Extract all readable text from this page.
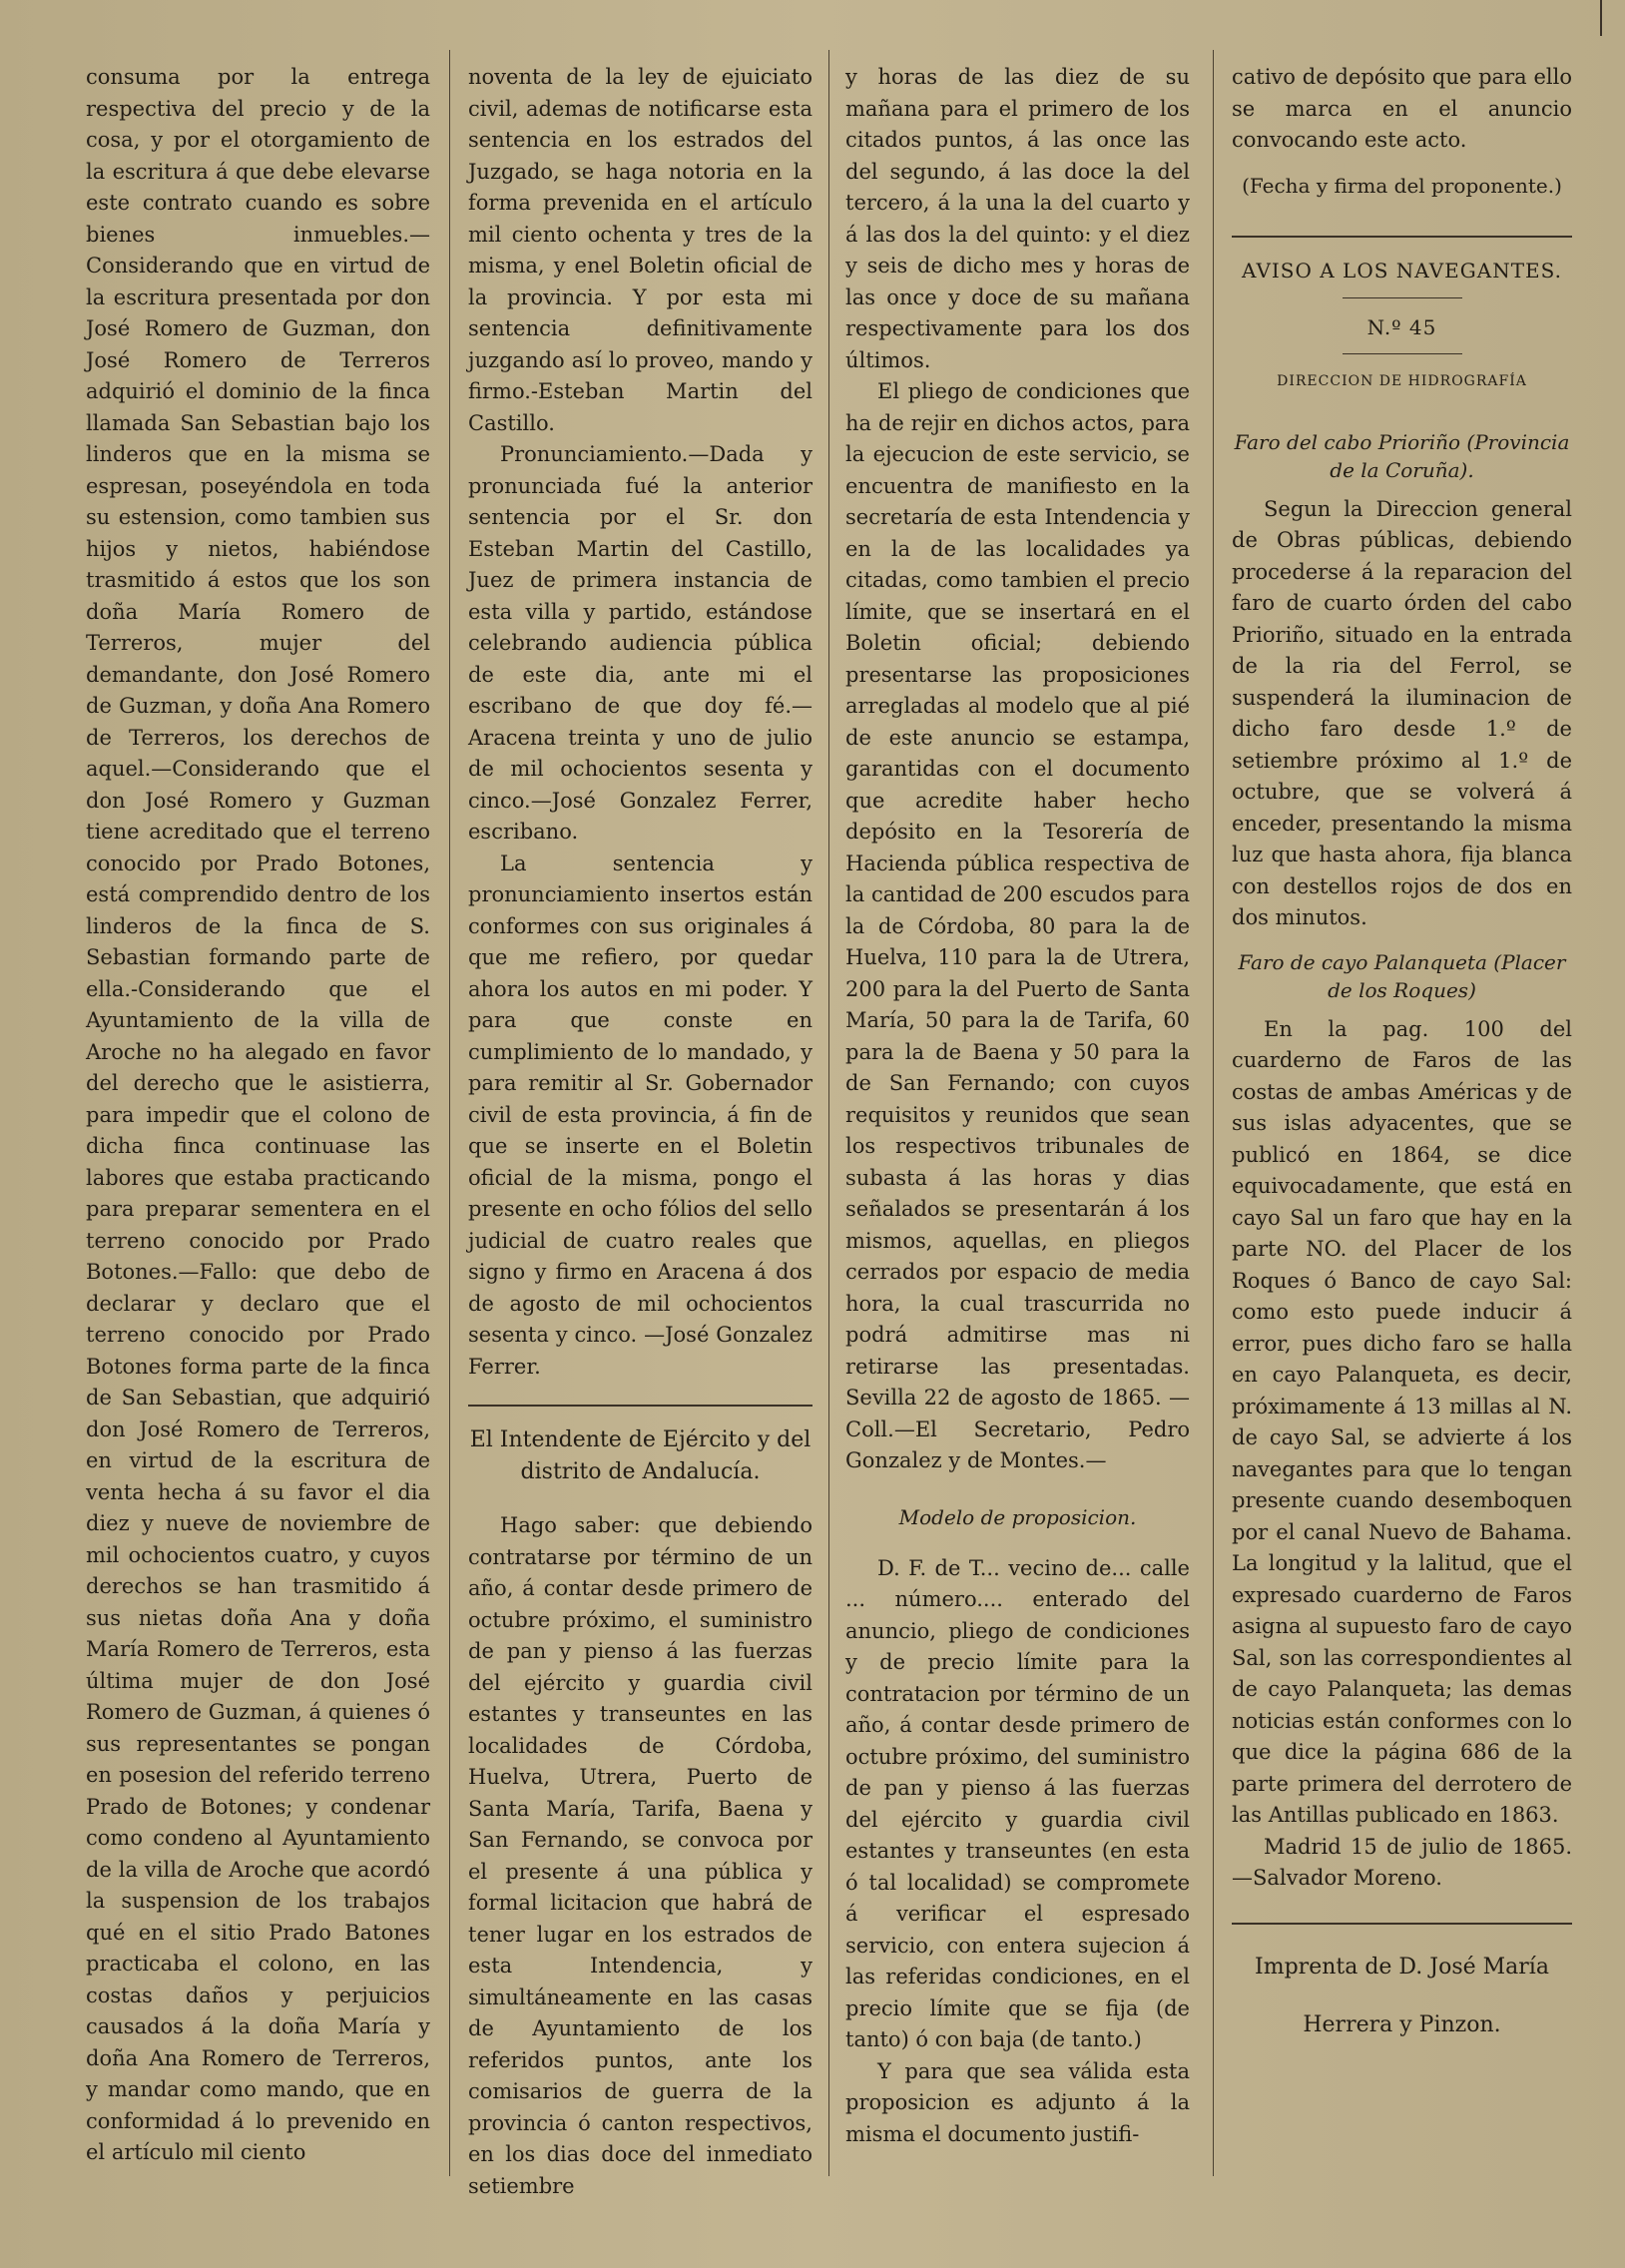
consuma por la entrega respectiva del precio y de la cosa, y por el otorgamiento de la escritura á que debe elevarse este contrato cuando es sobre bienes inmuebles.—Considerando que en virtud de la escritura presentada por don José Romero de Guzman, don José Romero de Terreros adquirió el dominio de la finca llamada San Sebastian bajo los linderos que en la misma se espresan, poseyéndola en toda su estension, como tambien sus hijos y nietos, habiéndose trasmitido á estos que los son doña María Romero de Terreros, mujer del demandante, don José Romero de Guzman, y doña Ana Romero de Terreros, los derechos de aquel.—Considerando que el don José Romero y Guzman tiene acreditado que el terreno conocido por Prado Botones, está comprendido dentro de los linderos de la finca de S. Sebastian formando parte de ella.-Considerando que el Ayuntamiento de la villa de Aroche no ha alegado en favor del derecho que le asistierra, para impedir que el colono de dicha finca continuase las labores que estaba practicando para preparar sementera en el terreno conocido por Prado Botones.—Fallo: que debo de declarar y declaro que el terreno conocido por Prado Botones forma parte de la finca de San Sebastian, que adquirió don José Romero de Terreros, en virtud de la escritura de venta hecha á su favor el dia diez y nueve de noviembre de mil ochocientos cuatro, y cuyos derechos se han trasmitido á sus nietas doña Ana y doña María Romero de Terreros, esta última mujer de don José Romero de Guzman, á quienes ó sus representantes se pongan en posesion del referido terreno Prado de Botones; y condenar como condeno al Ayuntamiento de la villa de Aroche que acordó la suspension de los trabajos qué en el sitio Prado Batones practicaba el colono, en las costas daños y perjuicios causados á la doña María y doña Ana Romero de Terreros, y mandar como mando, que en conformidad á lo prevenido en el artículo mil ciento

noventa de la ley de ejuiciato civil, ademas de notificarse esta sentencia en los estrados del Juzgado, se haga notoria en la forma prevenida en el artículo mil ciento ochenta y tres de la misma, y enel Boletin oficial de la provincia. Y por esta mi sentencia definitivamente juzgando así lo proveo, mando y firmo.-Esteban Martin del Castillo.

Pronunciamiento.—Dada y pronunciada fué la anterior sentencia por el Sr. don Esteban Martin del Castillo, Juez de primera instancia de esta villa y partido, estándose celebrando audiencia pública de este dia, ante mi el escribano de que doy fé.—Aracena treinta y uno de julio de mil ochocientos sesenta y cinco.—José Gonzalez Ferrer, escribano.

La sentencia y pronunciamiento insertos están conformes con sus originales á que me refiero, por quedar ahora los autos en mi poder. Y para que conste en cumplimiento de lo mandado, y para remitir al Sr. Gobernador civil de esta provincia, á fin de que se inserte en el Boletin oficial de la misma, pongo el presente en ocho fólios del sello judicial de cuatro reales que signo y firmo en Aracena á dos de agosto de mil ochocientos sesenta y cinco. —José Gonzalez Ferrer.

El Intendente de Ejército y del distrito de Andalucía.

Hago saber: que debiendo contratarse por término de un año, á contar desde primero de octubre próximo, el suministro de pan y pienso á las fuerzas del ejército y guardia civil estantes y transeuntes en las localidades de Córdoba, Huelva, Utrera, Puerto de Santa María, Tarifa, Baena y San Fernando, se convoca por el presente á una pública y formal licitacion que habrá de tener lugar en los estrados de esta Intendencia, y simultáneamente en las casas de Ayuntamiento de los referidos puntos, ante los comisarios de guerra de la provincia ó canton respectivos, en los dias doce del inmediato setiembre

y horas de las diez de su mañana para el primero de los citados puntos, á las once las del segundo, á las doce la del tercero, á la una la del cuarto y á las dos la del quinto: y el diez y seis de dicho mes y horas de las once y doce de su mañana respectivamente para los dos últimos.

El pliego de condiciones que ha de rejir en dichos actos, para la ejecucion de este servicio, se encuentra de manifiesto en la secretaría de esta Intendencia y en la de las localidades ya citadas, como tambien el precio límite, que se insertará en el Boletin oficial; debiendo presentarse las proposiciones arregladas al modelo que al pié de este anuncio se estampa, garantidas con el documento que acredite haber hecho depósito en la Tesorería de Hacienda pública respectiva de la cantidad de 200 escudos para la de Córdoba, 80 para la de Huelva, 110 para la de Utrera, 200 para la del Puerto de Santa María, 50 para la de Tarifa, 60 para la de Baena y 50 para la de San Fernando; con cuyos requisitos y reunidos que sean los respectivos tribunales de subasta á las horas y dias señalados se presentarán á los mismos, aquellas, en pliegos cerrados por espacio de media hora, la cual trascurrida no podrá admitirse mas ni retirarse las presentadas. Sevilla 22 de agosto de 1865. —Coll.—El Secretario, Pedro Gonzalez y de Montes.—

Modelo de proposicion.

D. F. de T... vecino de... calle ... número.... enterado del anuncio, pliego de condiciones y de precio límite para la contratacion por término de un año, á contar desde primero de octubre próximo, del suministro de pan y pienso á las fuerzas del ejército y guardia civil estantes y transeuntes (en esta ó tal localidad) se compromete á verificar el espresado servicio, con entera sujecion á las referidas condiciones, en el precio límite que se fija (de tanto) ó con baja (de tanto.)

Y para que sea válida esta proposicion es adjunto á la misma el documento justifi-

cativo de depósito que para ello se marca en el anuncio convocando este acto.

(Fecha y firma del proponente.)
AVISO A LOS NAVEGANTES.
N.º 45
DIRECCION DE HIDROGRAFÍA
Faro del cabo Prioriño (Provincia de la Coruña).

Segun la Direccion general de Obras públicas, debiendo procederse á la reparacion del faro de cuarto órden del cabo Prioriño, situado en la entrada de la ria del Ferrol, se suspenderá la iluminacion de dicho faro desde 1.º de setiembre próximo al 1.º de octubre, que se volverá á enceder, presentando la misma luz que hasta ahora, fija blanca con destellos rojos de dos en dos minutos.

Faro de cayo Palanqueta (Placer de los Roques)

En la pag. 100 del cuarderno de Faros de las costas de ambas Américas y de sus islas adyacentes, que se publicó en 1864, se dice equivocadamente, que está en cayo Sal un faro que hay en la parte NO. del Placer de los Roques ó Banco de cayo Sal: como esto puede inducir á error, pues dicho faro se halla en cayo Palanqueta, es decir, próximamente á 13 millas al N. de cayo Sal, se advierte á los navegantes para que lo tengan presente cuando desemboquen por el canal Nuevo de Bahama. La longitud y la lalitud, que el expresado cuarderno de Faros asigna al supuesto faro de cayo Sal, son las correspondientes al de cayo Palanqueta; las demas noticias están conformes con lo que dice la página 686 de la parte primera del derrotero de las Antillas publicado en 1863.

Madrid 15 de julio de 1865. —Salvador Moreno.

Imprenta de D. José María
Herrera y Pinzon.
